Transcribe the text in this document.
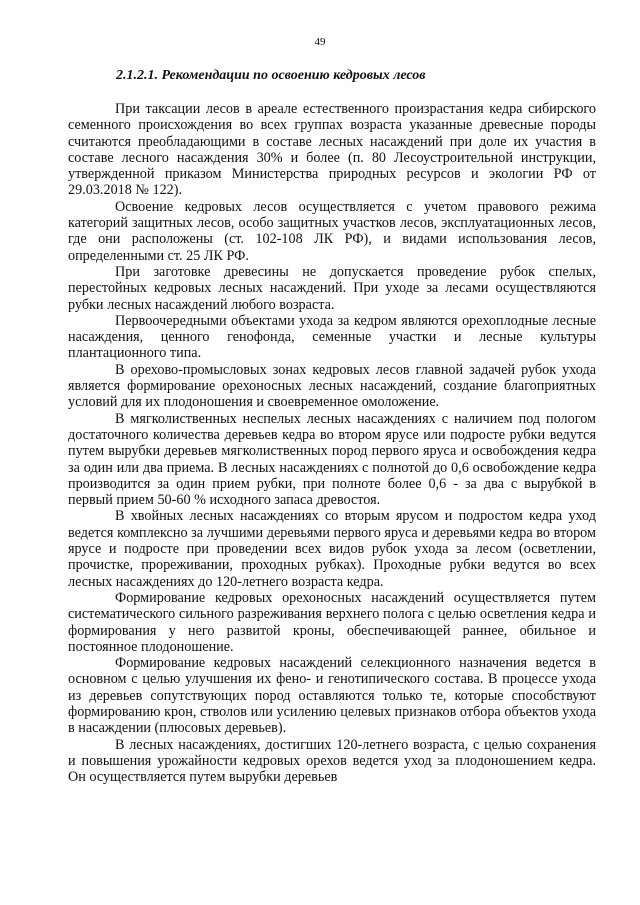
49
2.1.2.1. Рекомендации по освоению кедровых лесов

При таксации лесов в ареале естественного произрастания кедра сибирского семенного происхождения во всех группах возраста указанные древесные породы считаются преобладающими в составе лесных насаждений при доле их участия в составе лесного насаждения 30% и более (п. 80 Лесоустроительной инструкции, утвержденной приказом Министерства природных ресурсов и экологии РФ от 29.03.2018 № 122).

Освоение кедровых лесов осуществляется с учетом правового режима категорий защитных лесов, особо защитных участков лесов, эксплуатационных лесов, где они расположены (ст. 102-108 ЛК РФ), и видами использования лесов, определенными ст. 25 ЛК РФ.

При заготовке древесины не допускается проведение рубок спелых, перестойных кедровых лесных насаждений. При уходе за лесами осуществляются рубки лесных насаждений любого возраста.

Первоочередными объектами ухода за кедром являются орехоплодные лесные насаждения, ценного генофонда, семенные участки и лесные культуры плантационного типа.

В орехово-промысловых зонах кедровых лесов главной задачей рубок ухода является формирование орехоносных лесных насаждений, создание благоприятных условий для их плодоношения и своевременное омоложение.

В мягколиственных неспелых лесных насаждениях с наличием под пологом достаточного количества деревьев кедра во втором ярусе или подросте рубки ведутся путем вырубки деревьев мягколиственных пород первого яруса и освобождения кедра за один или два приема. В лесных насаждениях с полнотой до 0,6 освобождение кедра производится за один прием рубки, при полноте более 0,6 - за два с вырубкой в первый прием 50-60 % исходного запаса древостоя.

В хвойных лесных насаждениях со вторым ярусом и подростом кедра уход ведется комплексно за лучшими деревьями первого яруса и деревьями кедра во втором ярусе и подросте при проведении всех видов рубок ухода за лесом (осветлении, прочистке, прореживании, проходных рубках). Проходные рубки ведутся во всех лесных насаждениях до 120-летнего возраста кедра.

Формирование кедровых орехоносных насаждений осуществляется путем систематического сильного разреживания верхнего полога с целью осветления кедра и формирования у него развитой кроны, обеспечивающей раннее, обильное и постоянное плодоношение.

Формирование кедровых насаждений селекционного назначения ведется в основном с целью улучшения их фено- и генотипического состава. В процессе ухода из деревьев сопутствующих пород оставляются только те, которые способствуют формированию крон, стволов или усилению целевых признаков отбора объектов ухода в насаждении (плюсовых деревьев).

В лесных насаждениях, достигших 120-летнего возраста, с целью сохранения и повышения урожайности кедровых орехов ведется уход за плодоношением кедра. Он осуществляется путем вырубки деревьев
